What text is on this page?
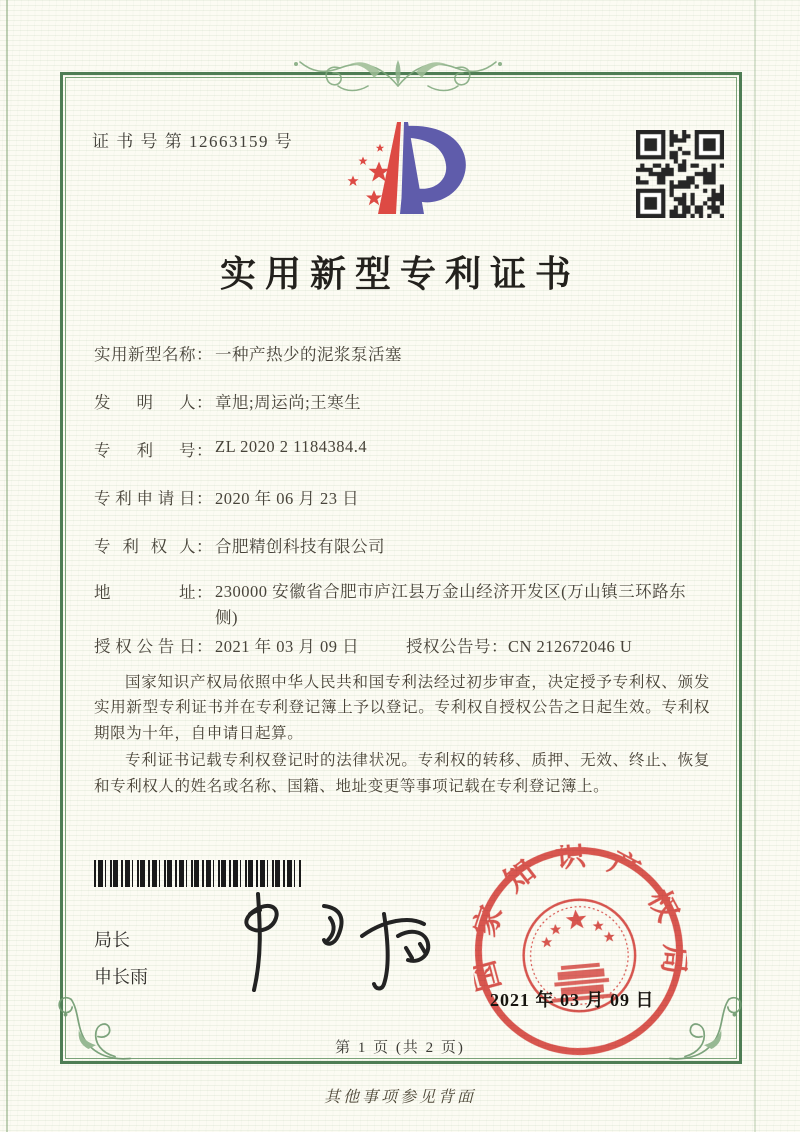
证 书 号 第 12663159 号
实用新型专利证书
实用新型名称： 一种产热少的泥浆泵活塞
发明人： 章旭;周运尚;王寒生
专利号： ZL 2020 2 1184384.4
专利申请日： 2020 年 06 月 23 日
专利权人： 合肥精创科技有限公司
地址： 230000 安徽省合肥市庐江县万金山经济开发区(万山镇三环路东侧)
授权公告日： 2021 年 03 月 09 日	授权公告号：CN 212672046 U

国家知识产权局依照中华人民共和国专利法经过初步审查，决定授予专利权、颁发实用新型专利证书并在专利登记簿上予以登记。专利权自授权公告之日起生效。专利权期限为十年，自申请日起算。

专利证书记载专利权登记时的法律状况。专利权的转移、质押、无效、终止、恢复和专利权人的姓名或名称、国籍、地址变更等事项记载在专利登记簿上。

局长
申长雨	国家知识产权局
2021 年 03 月 09 日
第 1 页 (共 2 页)
其他事项参见背面
